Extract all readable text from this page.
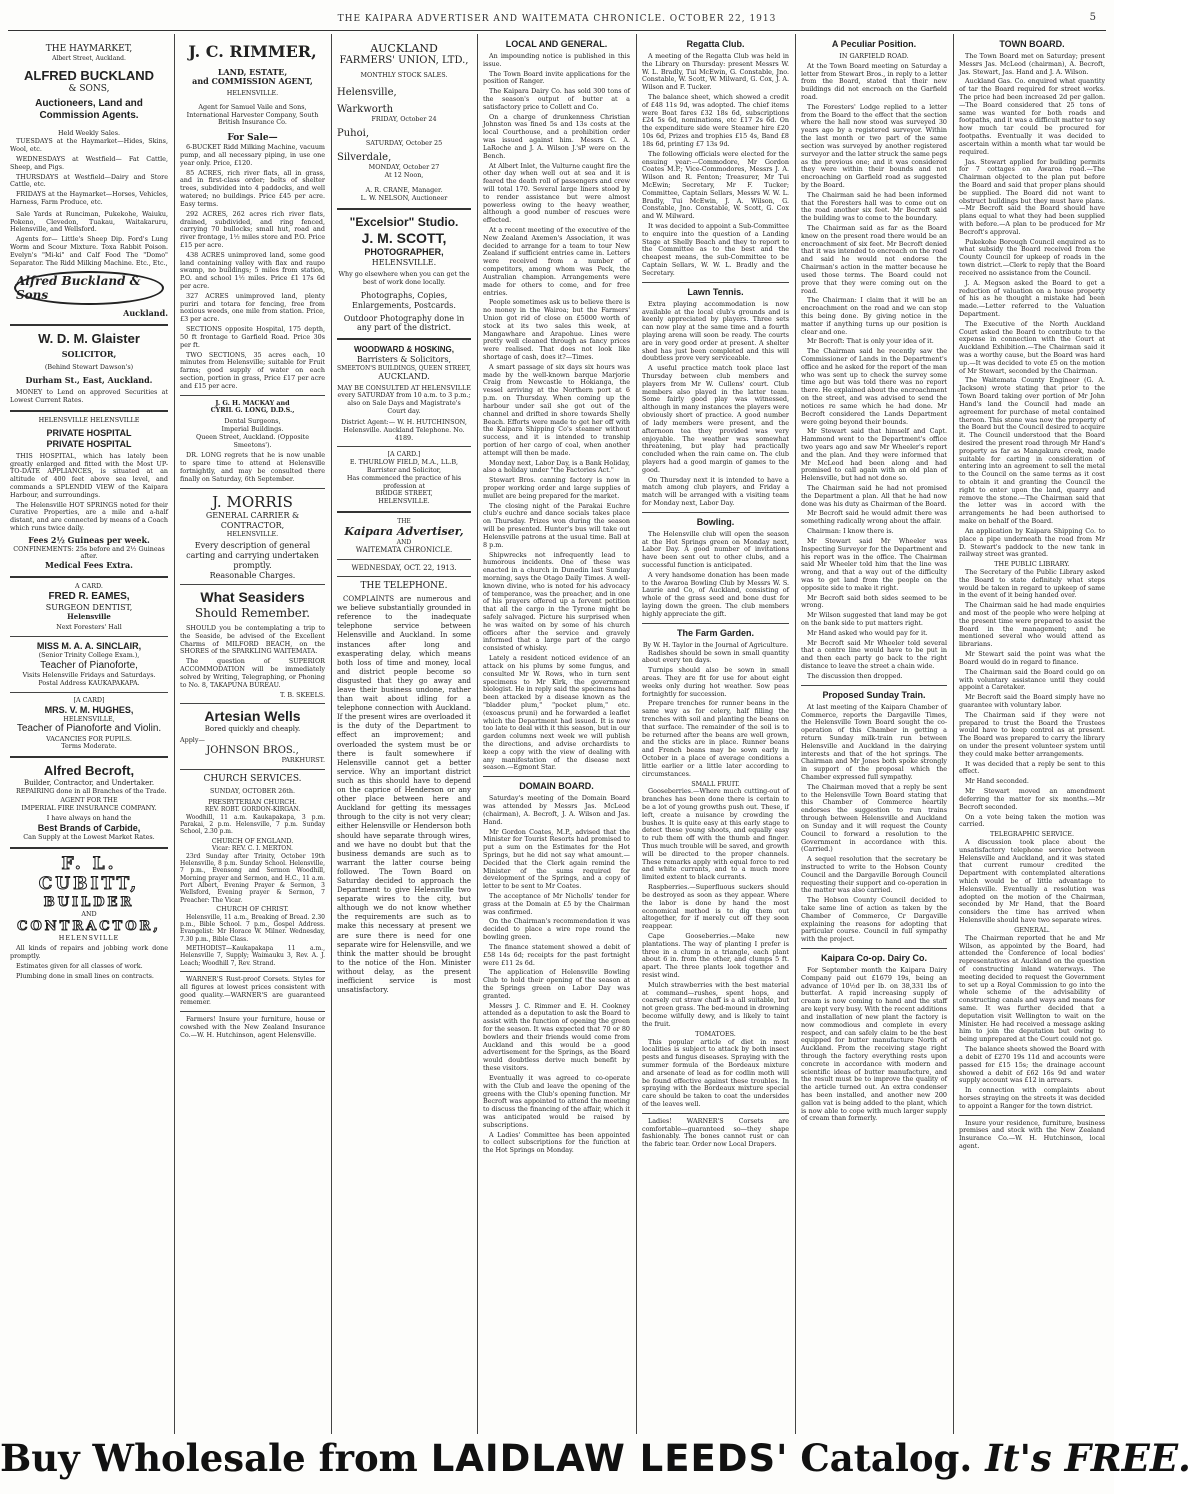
THE KAIPARA ADVERTISER AND WAITEMATA CHRONICLE. OCTOBER 22, 1913	5
THE HAYMARKET,
Albert Street, Auckland.
ALFRED BUCKLAND
& SONS,
Auctioneers, Land and
Commission Agents.
Held Weekly Sales.

TUESDAYS at the Haymarket—Hides, Skins, Wool, etc.

WEDNESDAYS at Westfield— Fat Cattle, Sheep, and Pigs.

THURSDAYS at Westfield—Dairy and Store Cattle, etc.

FRIDAYS at the Haymarket—Horses, Vehicles, Harness, Farm Produce, etc.

Sale Yards at Runciman, Pukekohe, Waiuku, Pokeno, Clevedon, Tuakau, Waitakaruru, Helensville, and Wellsford.

Agents for— Little's Sheep Dip. Ford's Lung Worm and Scour Mixture. Toxa Rabbit Poison. Evelyn's "Mi-ki" and Calf Food The "Domo" Separator. The Ridd Milking Machine. Etc., Etc.,

Alfred Buckland & Sons
Auckland.
W. D. M. Glaister
SOLICITOR,
(Behind Stewart Dawson's)
Durham St., East, Auckland.

MONEY to Lend on approved Securities at Lowest Current Rates.

HELENSVILLE HELENSVILLE
PRIVATE HOSPITAL
PRIVATE HOSPITAL

THIS HOSPITAL, which has lately been greatly enlarged and fitted with the Most UP-TO-DATE APPLIANCES, is situated at an altitude of 400 feet above sea level, and commands a SPLENDID VIEW of the Kaipara Harbour, and surroundings.

The Helensville HOT SPRINGS noted for their Curative Properties, are a mile and a-half distant, and are connected by means of a Coach which runs twice daily.

Fees 2½ Guineas per week.
CONFINEMENTS: 25s before and 2½ Guineas after.
Medical Fees Extra.
A CARD.
FRED R. EAMES,
SURGEON DENTIST,
Helensville
Next Foresters' Hall
MISS M. A. A. SINCLAIR,
(Senior Trinity College Exam.),
Teacher of Pianoforte,
Visits Helensville Fridays and Saturdays.
Postal Address KAUKAPAKAPA.
[A CARD]
MRS. V. M. HUGHES,
HELENSVILLE,
Teacher of Pianoforte and Violin.
VACANCIES FOR PUPILS.
Terms Moderate.
Alfred Becroft,
Builder, Contractor, and Undertaker.

REPAIRING done in all Branches of the Trade.

AGENT FOR THE
IMPERIAL FIRE INSURANCE COMPANY.
I have always on hand the
Best Brands of Carbide,
Can Supply at the Lowest Market Rates.
F. L. CUBITT,
BUILDER
AND
CONTRACTOR,
HELENSVILLE

All kinds of repairs and jobbing work done promptly.

Estimates given for all classes of work.

Plumbing done in small lines on contracts.

J. C. RIMMER,
LAND, ESTATE,
and COMMISSION AGENT,
HELENSVILLE.
Agent for Samuel Vaile and Sons, International Harvester Company, South British Insurance Co.
For Sale—

6-BUCKET Ridd Milking Machine, vacuum pump, and all necessary piping, in use one year only. Price, £120.

85 ACRES, rich river flats, all in grass, and in first-class order; belts of shelter trees, subdivided into 4 paddocks, and well watered; no buildings. Price £45 per acre. Easy terms.

292 ACRES, 262 acres rich river flats, drained, subdivided, and ring fenced, carrying 70 bullocks; small hut, road and river frontage, 1½ miles store and P.O. Price £15 per acre.

438 ACRES unimproved land, some good land containing valley with flax and raupo swamp, no buildings; 5 miles from station, P.O. and school 1½ miles. Price £1 17s 6d per acre.

327 ACRES unimproved land, plenty puriri and totara for fencing, free from noxious weeds, one mile from station. Price, £3 per acre.

SECTIONS opposite Hospital, 175 depth, 50 ft frontage to Garfield Road. Price 30s per ft.

TWO SECTIONS, 35 acres each, 10 minutes from Helensville; suitable for Fruit farms; good supply of water on each section, portion in grass, Price £17 per acre and £15 per acre.

J. G. H. MACKAY and
CYRIL G. LONG, D.D.S.,
Dental Surgeons,
Imperial Buildings.
Queen Street, Auckland. (Opposite Smeetons').

DR. LONG regrets that he is now unable to spare time to attend at Helensville fortnightly, and may be consulted there finally on Saturday, 6th September.

J. MORRIS
GENERAL CARRIER & CONTRACTOR,
HELENSVILLE.
Every description of general carting and carrying undertaken promptly.
Reasonable Charges.
What Seasiders
Should Remember.

SHOULD you be contemplating a trip to the Seaside, be advised of the Excellent Charms of MILFORD BEACH, on the SHORES of the SPARKLING WAITEMATA.

The question of SUPERIOR ACCOMMODATION will be immediately solved by Writing, Telegraphing, or Phoning to No. 8, TAKAPUNA BUREAU.

T. B. SKEELS.
Artesian Wells
Bored quickly and cheaply.
Apply—
JOHNSON BROS.,
PARKHURST.
CHURCH SERVICES.
SUNDAY, OCTOBER 26th.
PRESBYTERIAN CHURCH.
REV. ROBT. GORDON-KIRGAN.

Woodhill, 11 a.m. Kaukapakapa, 3 p.m. Parakai, 2 p.m. Helensville, 7 p.m. Sunday School, 2.30 p.m.

CHURCH OF ENGLAND.
Vicar: REV. C. I. MERTON.

23rd Sunday after Trinity, October 19th Helensville, 8 p.m. Sunday School. Helensville, 7 p.m., Evensong and Sermon Woodhill, Morning prayer and Sermon, and H.C., 11 a.m. Port Albert, Evening Prayer & Sermon, 3 Wellsford, Evening prayer & Sermon, 7 Preacher: The Vicar.

CHURCH OF CHRIST.

Helensville, 11 a.m., Breaking of Bread. 2.30 p.m., Bible School. 7 p.m., Gospel Address. Evangelist: Mr Horace W. Milner. Wednesday, 7.30 p.m., Bible Class.

METHODIST—Kaukapakapa 11 a.m., Helensville 7, Supply; Waimauku 3, Rev. A. J. Leach; Woodhill 7, Rev. Strand.

WARNER'S Rust-proof Corsets. Styles for all figures at lowest prices consistent with good quality.—WARNER'S are guaranteed rememer.

Farmers! Insure your furniture, house or cowshed with the New Zealand Insurance Co.—W. H. Hutchinson, agent Helensville.

AUCKLAND
FARMERS' UNION, LTD.,
MONTHLY STOCK SALES.
Helensville,
Warkworth
FRIDAY, October 24
Puhoi,
SATURDAY, October 25
Silverdale,
MONDAY, October 27
At 12 Noon,
A. R. CRANE, Manager.
L. W. NELSON, Auctioneer
"Excelsior" Studio.
J. M. SCOTT,
PHOTOGRAPHER,
HELENSVILLE.
Why go elsewhere when you can get the best of work done locally.
Photographs, Copies, Enlargements, Postcards.
Outdoor Photography done in any part of the district.
WOODWARD & HOSKING,
Barristers & Solicitors,
SMEETON'S BUILDINGS, QUEEN STREET,
AUCKLAND.
MAY BE CONSULTED AT HELENSVILLE every SATURDAY from 10 a.m. to 3 p.m.; also on Sale Days and Magistrate's Court day.
District Agent:— W. H. HUTCHINSON, Helensville. Auckland Telephone. No. 4189.
[A CARD.]
E. THURLOW FIELD, M.A., LL.B,
Barrister and Solicitor,
Has commenced the practice of his profession at
BRIDGE STREET,
HELENSVILLE.
THE
Kaipara Advertiser,
AND
WAITEMATA CHRONICLE.
WEDNESDAY, OCT. 22, 1913.
THE TELEPHONE.

COMPLAINTS are numerous and we believe substantially grounded in reference to the inadequate telephone service between Helensville and Auckland. In some instances after long and exasperating delay, which means both loss of time and money, local and district people become so disgusted that they go away and leave their business undone, rather than wait about idling for a telephone connection with Auckland. If the present wires are overloaded it is the duty of the Department to effect an improvement; and overloaded the system must be or there is fault somewhere if Helensville cannot get a better service. Why an important district such as this should have to depend on the caprice of Henderson or any other place between here and Auckland for getting its messages through to the city is not very clear; either Helensville or Henderson both should have separate through wires, and we have no doubt but that the business demands are such as to warrant the latter course being followed. The Town Board on Saturday decided to approach the Department to give Helensville two separate wires to the city, but although we do not know whether the requirements are such as to make this necessary at present we are sure there is need for one separate wire for Helensville, and we think the matter should be brought to the notice of the Hon. Minister without delay, as the present inefficient service is most unsatisfactory.

LOCAL AND GENERAL.

An impounding notice is published in this issue.

The Town Board invite applications for the position of Ranger.

The Kaipara Dairy Co. has sold 300 tons of the season's output of butter at a satisfactory price to Collett and Co.

On a charge of drunkenness Christian Johnston was fined 5s and 13s costs at the local Courthouse, and a prohibition order was issued against him. Messrs C. A. LaRoche and J. A. Wilson J.'sP were on the Bench.

At Albert Inlet, the Vulturne caught fire the other day when well out at sea and it is feared the death roll of passengers and crew will total 170. Several large liners stood by to render assistance but were almost powerless owing to the heavy weather, although a good number of rescues were effected.

At a recent meeting of the executive of the New Zealand Axemen's Association, it was decided to arrange for a team to tour New Zealand if sufficient entries came in. Letters were received from a number of competitors, among whom was Peck, the Australian champion. Arrangements were made for others to come, and for free entries.

People sometimes ask us to believe there is no money in the Wairoa; but the Farmers' Union got rid of close on £5000 worth of stock at its two sales this week, at Mangawhare and Arapohue. Lines were pretty well cleaned through as fancy prices were realised. That does not look like shortage of cash, does it?—Times.

A smart passage of six days six hours was made by the well-known barque Marjorie Craig from Newcastle to Hokianga, the vessel arriving at the Northern port at 6 p.m. on Thursday. When coming up the harbour under sail she got out of the channel and drifted in shore towards Shelly Beach. Efforts were made to get her off with the Kaipara Shipping Co's steamer without success, and it is intended to tranship portion of her cargo of coal, when another attempt will then be made.

Monday next, Labor Day, is a Bank Holiday, also a holiday under "the Factories Act."

Stewart Bros. canning factory is now in proper working order and large supplies of mullet are being prepared for the market.

The closing night of the Parakai Euchre club's euchre and dance socials takes place on Thursday. Prizes won during the season will be presented. Hunter's bus will take out Helensville patrons at the usual time. Ball at 8 p.m.

Shipwrecks not infrequently lead to humorous incidents. One of these was enacted in a church in Dunedin last Sunday morning, says the Otago Daily Times. A well-known divine, who is noted for his advocacy of temperance, was the preacher, and in one of his prayers offered up a fervent petition that all the cargo in the Tyrone might be safely salvaged. Picture his surprised when he was waited on by some of his church officers after the service and gravely informed that a large part of the cargo consisted of whisky.

Lately a resident noticed evidence of an attack on his plums by some fungus, and consulted Mr W. Rows, who in turn sent specimens to Mr Kirk, the government biologist. He in reply said the specimens had been attacked by a disease known as the "bladder plum," "pocket plum," etc. (exoascus pruni) and he forwarded a leaflet which the Department had issued. It is now too late to deal with it this season, but in our garden columns next week we will publish the directions, and advise orchardists to keep a copy with the view of dealing with any manifestation of the disease next season.—Egmont Star.

DOMAIN BOARD.

Saturday's meeting of the Domain Board was attended by Messrs Jas. McLeod (chairman), A. Becroft, J. A. Wilson and Jas. Hand.

Mr Gordon Coates, M.P., advised that the Minister for Tourist Resorts had promised to put a sum on the Estimates for the Hot Springs, but he did not say what amount.—Decided that the Clerk again remind the Minister of the sums required for development of the Springs, and a copy of letter to be sent to Mr Coates.

The acceptance of Mr Nicholls' tender for grass at the Domain at £5 by the Chairman was confirmed.

On the Chairman's recommendation it was decided to place a wire rope round the bowling green.

The finance statement showed a debit of £58 14s 6d; receipts for the past fortnight were £11 2s 6d.

The application of Helensville Bowling Club to hold their opening of the season at the Springs green on Labor Day was granted.

Messrs J. C. Rimmer and E. H. Cookney attended as a deputation to ask the Board to assist with the function of opening the green for the season. It was expected that 70 or 80 bowlers and their friends would come from Auckland and this would be a good advertisement for the Springs, as the Board would doubtless derive much benefit by these visitors.

Eventually it was agreed to co-operate with the Club and leave the opening of the greens with the Club's opening function. Mr Becroft was appointed to attend the meeting to discuss the financing of the affair, which it was anticipated would be raised by subscriptions.

A Ladies' Committee has been appointed to collect subscriptions for the function at the Hot Springs on Monday.

Regatta Club.

A meeting of the Regatta Club was held in the Library on Thursday: present Messrs W. W. L. Bradly, Tui McEwin, G. Constable, Jno. Constable, W. Scott, W. Milward, G. Cox, J. A. Wilson and F. Tucker.

The balance sheet, which showed a credit of £48 11s 9d, was adopted. The chief items were Boat fares £32 18s 6d, subscriptions £24 5s 6d, nominations, etc £17 2s 6d. On the expenditure side were Steamer hire £20 10s 6d, Prizes and trophies £15 4s, Band £8 18s 6d, printing £7 13s 9d.

The following officials were elected for the ensuing year:—Commodore, Mr Gordon Coates M.P.; Vice-Commodores, Messrs J. A. Wilson and R. Fenton; Treasurer, Mr Tui McEwin; Secretary, Mr F. Tucker; Committee, Captain Sellars, Messrs W. W. L. Bradly, Tui McEwin, J. A. Wilson, G. Constable, Jno. Constable, W. Scott, G. Cox and W. Milward.

It was decided to appoint a Sub-Committee to enquire into the question of a Landing Stage at Shelly Beach and they to report to the Committee as to the best and the cheapest means, the sub-Committee to be Captain Sellars, W. W. L. Bradly and the Secretary.

Lawn Tennis.

Extra playing accommodation is now available at the local club's grounds and is keenly appreciated by players. Three sets can now play at the same time and a fourth playing arena will soon be ready. The courts are in very good order at present. A shelter shed has just been completed and this will doubtless prove very serviceable.

A useful practice match took place last Thursday between club members and players from Mr W. Cullens' court. Club members also played in the latter team. Some fairly good play was witnessed, although in many instances the players were obviously short of practice. A good number of lady members were present, and the afternoon tea they provided was very enjoyable. The weather was somewhat threatening, but play had practically concluded when the rain came on. The club players had a good margin of games to the good.

On Thursday next it is intended to have a match among club players, and Friday a match will be arranged with a visiting team for Monday next, Labor Day.

Bowling.

The Helensville club will open the season at the Hot Springs green on Monday next, Labor Day. A good number of invitations have been sent out to other clubs, and a successful function is anticipated.

A very handsome donation has been made to the Awaroa Bowling Club by Messrs W. S. Laurie and Co, of Auckland, consisting of whole of the grass seed and bone dust for laying down the green. The club members highly appreciate the gift.

The Farm Garden.
By W. H. Taylor in the Journal of Agriculture.

Radishes should be sown in small quantity about every ten days.

Turnips should also be sown in small areas. They are fit for use for about eight weeks only during hot weather. Sow peas fortnightly for succession.

Prepare trenches for runner beans in the same way as for celery, half filling the trenches with soil and planting the beans on that surface. The remainder of the soil is to be returned after the beans are well grown, and the sticks are in place. Runner beans and French beans may be sown early in October in a place of average conditions a little earlier or a little later according to circumstances.

SMALL FRUIT.

Gooseberries.—Where much cutting-out of branches has been done there is certain to be a lot of young growths push out. These, if left, create a nuisance by crowding the bushes. It is quite easy at this early stage to detect these young shoots, and equally easy to rub them off with the thumb and finger. Thus much trouble will be saved, and growth will be directed to the proper channels. These remarks apply with equal force to red and white currants, and to a much more limited extent to black currants.

Raspberries.—Superfluous suckers should be destroyed as soon as they appear. Where the labor is done by hand the most economical method is to dig them out altogether, for if merely cut off they soon reappear.

Cape Gooseberries.—Make new plantations. The way of planting I prefer is three in a clump in a triangle, each plant about 6 in. from the other, and clumps 5 ft. apart. The three plants look together and resist wind.

Mulch strawberries with the best material at command—rushes, spent hops, and coarsely cut straw chaff is a all suitable, but not green grass. The bed-mound in drowning become wilfully dewy, and is likely to taint the fruit.

TOMATOES.

This popular article of diet in most localities is subject to attack by both insect pests and fungus diseases. Spraying with the summer formula of the Bordeaux mixture and arsenate of lead as for codlin moth will be found effective against these troubles. In spraying with the Bordeaux mixture special care should be taken to coat the undersides of the leaves well.

Ladies! WARNER'S Corsets are comfortable—guaranteed so—they shape fashionably. The bones cannot rust or can the fabric tear. Order now Local Drapers.

A Peculiar Position.
IN GARFIELD ROAD.

At the Town Board meeting on Saturday a letter from Stewart Bros., in reply to a letter from the Board, stated that their new buildings did not encroach on the Garfield road.

The Foresters' Lodge replied to a letter from the Board to the effect that the section where the hall now stood was surveyed 30 years ago by a registered surveyor. Within the last month or two part of the same section was surveyed by another registered surveyor and the latter struck the same pegs as the previous one; and it was considered they were within their bounds and not encroaching on Garfield road as suggested by the Board.

The Chairman said he had been informed that the Foresters hall was to come out on the road another six feet. Mr Becroft said the building was to come to the boundary.

The Chairman said as far as the Board knew on the present road there would be an encroachment of six feet. Mr Becroft denied that it was intended to encroach on the road and said he would not endorse the Chairman's action in the matter because he used those terms. The Board could not prove that they were coming out on the road.

The Chairman: I claim that it will be an encroachment on the road and we can stop this being done. By giving notice in the matter if anything turns up our position is clear and one.

Mr Becroft: That is only your idea of it.

The Chairman said he recently saw the Commissioner of Lands in the Department's office and he asked for the report of the man who was sent up to check the survey some time ago but was told there was no report there. He explained about the encroachment on the street, and was advised to send the notices re same which he had done. Mr Becroft considered the Lands Department were going beyond their bounds.

Mr Stewart said that himself and Capt. Hammond went to the Department's office two years ago and saw Mr Wheeler's report and the plan. And they were informed that Mr McLeod had been along and had promised to call again with an old plan of Helensville, but had not done so.

The Chairman said he had not promised the Department a plan. All that he had now done was his duty as Chairman of the Board.

Mr Becroft said he would admit there was something radically wrong about the affair.

Chairman: I know there is.

Mr Stewart said Mr Wheeler was Inspecting Surveyor for the Department and his report was in the office. The Chairman said Mr Wheeler told him that the line was wrong, and that a way out of the difficulty was to get land from the people on the opposite side to make it right.

Mr Becroft said both sides seemed to be wrong.

Mr Wilson suggested that land may be got on the bank side to put matters right.

Mr Hand asked who would pay for it.

Mr Becroft said Mr Wheeler told several that a centre line would have to be put in and then each party go back to the right distance to leave the street a chain wide.

The discussion then dropped.

Proposed Sunday Train.

At last meeting of the Kaipara Chamber of Commerce, reports the Dargaville Times, the Helensville Town Board sought the co-operation of this Chamber in getting a return Sunday milk-train run between Helensville and Auckland in the dairying interests and that of the hot springs. The Chairman and Mr Jones both spoke strongly in support of the proposal which the Chamber expressed full sympathy.

The Chairman moved that a reply be sent to the Helensville Town Board stating that this Chamber of Commerce heartily endorses the suggestion to run trains through between Helensville and Auckland on Sunday and it will request the County Council to forward a resolution to the Government in accordance with this. (Carried.)

A sequel resolution that the secretary be instructed to write to the Hobson County Council and the Dargaville Borough Council requesting their support and co-operation in the matter was also carried.

The Hobson County Council decided to take same line of action as taken by the Chamber of Commerce, Cr Dargaville explaining the reasons for adopting that particular course. Council in full sympathy with the project.

Kaipara Co-op. Dairy Co.

For September month the Kaipara Dairy Company paid out £1679 19s, being an advance of 10½d per lb. on 38,331 lbs of butterfat. A rapid increasing supply of cream is now coming to hand and the staff are kept very busy. With the recent additions and installation of new plant the factory is now commodious and complete in every respect, and can safely claim to be the best equipped for butter manufacture North of Auckland. From the receiving stage right through the factory everything rests upon concrete in accordance with modern and scientific ideas of butter manufacture, and the result must be to improve the quality of the article turned out. An extra condenser has been installed, and another new 200 gallon vat is being added to the plant, which is now able to cope with much larger supply of cream than formerly.

TOWN BOARD.

The Town Board met on Saturday; present Messrs Jas. McLeod (chairman), A. Becroft, Jas. Stewart, Jas. Hand and J. A. Wilson.

Auckland Gas. Co. enquired what quantity of tar the Board required for street works. The price had been increased 2d per gallon.—The Board considered that 25 tons of same was wanted for both roads and footpaths, and it was a difficult matter to say how much tar could be procured for footpaths. Eventually it was decided to ascertain within a month what tar would be required.

Jas. Stewart applied for building permits for 7 cottages on Awaroa road.—The Chairman objected to the plan put before the Board and said that proper plans should be supplied. The Board did not want to obstruct buildings but they must have plans.—Mr Becroft said the Board should have plans equal to what they had been supplied with before.—A plan to be produced for Mr Becroft's approval.

Pukekohe Borough Council enquired as to what subsidy the Board received from the County Council for upkeep of roads in the town district.—Clerk to reply that the Board received no assistance from the Council.

J. A. Megson asked the Board to get a reduction of valuation on a house property of his as he thought a mistake had been made.—Letter referred to the Valuation Department.

The Executive of the North Auckland Court asked the Board to contribute to the expense in connection with the Court at Auckland Exhibition.—The Chairman said it was a worthy cause, but the Board was hard up.—It was decided to vote £5 on the motion of Mr Stewart, seconded by the Chairman.

The Waitemata County Engineer (G. A. Jackson) wrote stating that prior to the Town Board taking over portion of Mr John Hand's land the Council had made an agreement for purchase of metal contained thereon. This stone was now the property of the Board but the Council desired to acquire it. The Council understood that the Board desired the present road through Mr Hand's property as far as Mangakura creek, made suitable for carting in consideration of entering into an agreement to sell the metal to the Council on the same terms as it cost to obtain it and granting the Council the right to enter upon the land, quarry and remove the stone.—The Chairman said that the letter was in accord with the arrangements he had been authorised to make on behalf of the Board.

An application by Kaipara Shipping Co. to place a pipe underneath the road from Mr D. Stewart's paddock to the new tank in railway street was granted.

THE PUBLIC LIBRARY.

The Secretary of the Public Library asked the Board to state definitely what steps would be taken in regard to upkeep of same in the event of it being handed over.

The Chairman said he had made enquiries and most of the people who were helping at the present time were prepared to assist the Board in the management; and he mentioned several who would attend as librarians.

Mr Stewart said the point was what the Board would do in regard to finance.

The Chairman said the Board could go on with voluntary assistance until they could appoint a Caretaker.

Mr Becroft said the Board simply have no guarantee with voluntary labor.

The Chairman said if they were not prepared to trust the Board the Trustees would have to keep control as at present. The Board was prepared to carry the library on under the present volunteer system until they could make better arrangements.

It was decided that a reply be sent to this effect.

Mr Hand seconded.

Mr Stewart moved an amendment deferring the matter for six months.—Mr Becroft seconded.

On a vote being taken the motion was carried.

TELEGRAPHIC SERVICE.

A discussion took place about the unsatisfactory telephone service between Helensville and Auckland, and it was stated that current rumour credited the Department with contemplated alterations which would be of little advantage to Helensville. Eventually a resolution was adopted on the motion of the Chairman, seconded by Mr Hand, that the Board considers the time has arrived when Helensville should have two separate wires.

GENERAL.

The Chairman reported that he and Mr Wilson, as appointed by the Board, had attended the Conference of local bodies' representatives at Auckland on the question of constructing inland waterways. The meeting decided to request the Government to set up a Royal Commission to go into the whole scheme of the advisability of constructing canals and ways and means for same. It was further decided that a deputation visit Wellington to wait on the Minister. He had received a message asking him to join the deputation but owing to being unprepared at the Court could not go.

The balance sheets showed the Board with a debit of £270 19s 11d and accounts were passed for £15 15s; the drainage account showed a debit of £62 16s 9d and water supply account was £12 in arrears.

In connection with complaints about horses straying on the streets it was decided to appoint a Ranger for the town district.

Insure your residence, furniture, business premises and stock with the New Zealand Insurance Co.—W. H. Hutchinson, local agent.

Buy Wholesale from LAIDLAW LEEDS' Catalog. It's FREE.
